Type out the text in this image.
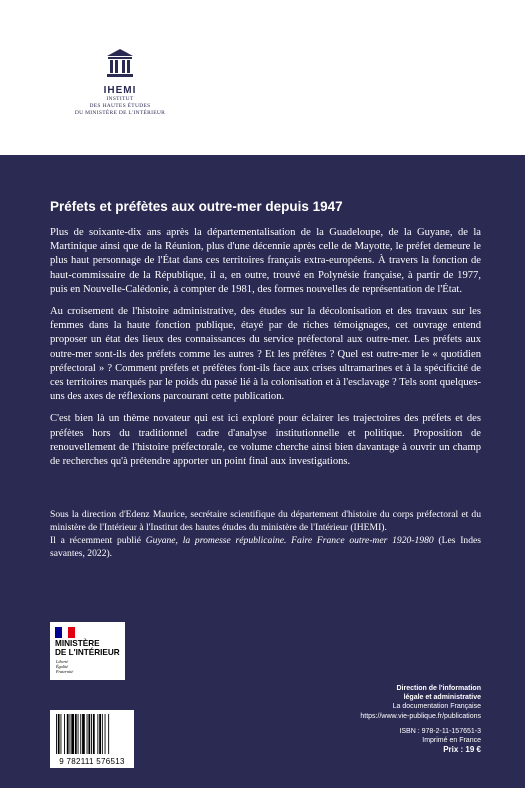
IHEMI
INSTITUT
DES HAUTES ÉTUDES
DU MINISTÈRE DE L'INTÉRIEUR
Préfets et préfètes aux outre-mer depuis 1947

Plus de soixante-dix ans après la départementalisation de la Guadeloupe, de la Guyane, de la Martinique ainsi que de la Réunion, plus d'une décennie après celle de Mayotte, le préfet demeure le plus haut personnage de l'État dans ces territoires français extra-européens. À travers la fonction de haut-commissaire de la République, il a, en outre, trouvé en Polynésie française, à partir de 1977, puis en Nouvelle-Calédonie, à compter de 1981, des formes nouvelles de représentation de l'État.

Au croisement de l'histoire administrative, des études sur la décolonisation et des travaux sur les femmes dans la haute fonction publique, étayé par de riches témoignages, cet ouvrage entend proposer un état des lieux des connaissances du service préfectoral aux outre-mer. Les préfets aux outre-mer sont-ils des préfets comme les autres ? Et les préfètes ? Quel est outre-mer le « quotidien préfectoral » ? Comment préfets et préfètes font-ils face aux crises ultramarines et à la spécificité de ces territoires marqués par le poids du passé lié à la colonisation et à l'esclavage ? Tels sont quelques-uns des axes de réflexions parcourant cette publication.

C'est bien là un thème novateur qui est ici exploré pour éclairer les trajectoires des préfets et des préfètes hors du traditionnel cadre d'analyse institutionnelle et politique. Proposition de renouvellement de l'histoire préfectorale, ce volume cherche ainsi bien davantage à ouvrir un champ de recherches qu'à prétendre apporter un point final aux investigations.

Sous la direction d'Edenz Maurice, secrétaire scientifique du département d'histoire du corps préfectoral et du ministère de l'Intérieur à l'Institut des hautes études du ministère de l'Intérieur (IHEMI).

Il a récemment publié Guyane, la promesse républicaine. Faire France outre-mer 1920-1980 (Les Indes savantes, 2022).

MINISTÈRE
DE L'INTÉRIEUR
Liberté
Égalité
Fraternité
9 782111 576513
Direction de l'information
légale et administrative
La documentation Française
https://www.vie-publique.fr/publications
ISBN : 978-2-11-157651-3
Imprimé en France
Prix : 19 €
